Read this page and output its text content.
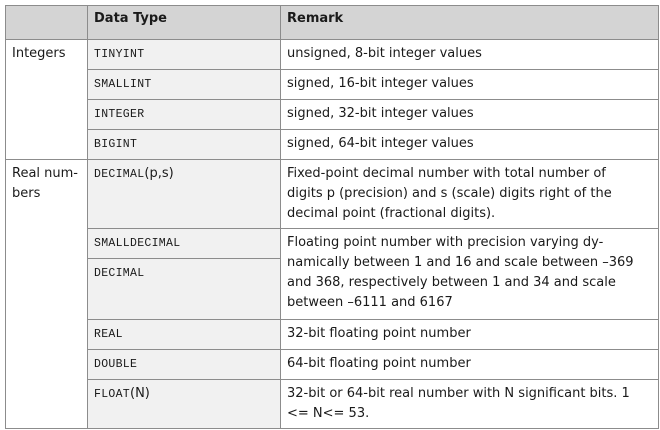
	Data Type	Remark
Integers	TINYINT	unsigned, 8-bit integer values
	SMALLINT	signed, 16-bit integer values
	INTEGER	signed, 32-bit integer values
	BIGINT	signed, 64-bit integer values
Real num-
bers	DECIMAL(p,s)	Fixed-point decimal number with total number of
digits p (precision) and s (scale) digits right of the
decimal point (fractional digits).
	SMALLDECIMAL	Floating point number with precision varying dy-
namically between 1 and 16 and scale between –369
and 368, respectively between 1 and 34 and scale
between –6111 and 6167
	DECIMAL	
	REAL	32-bit floating point number
	DOUBLE	64-bit floating point number
	FLOAT(N)	32-bit or 64-bit real number with N significant bits. 1
<= N<= 53.
